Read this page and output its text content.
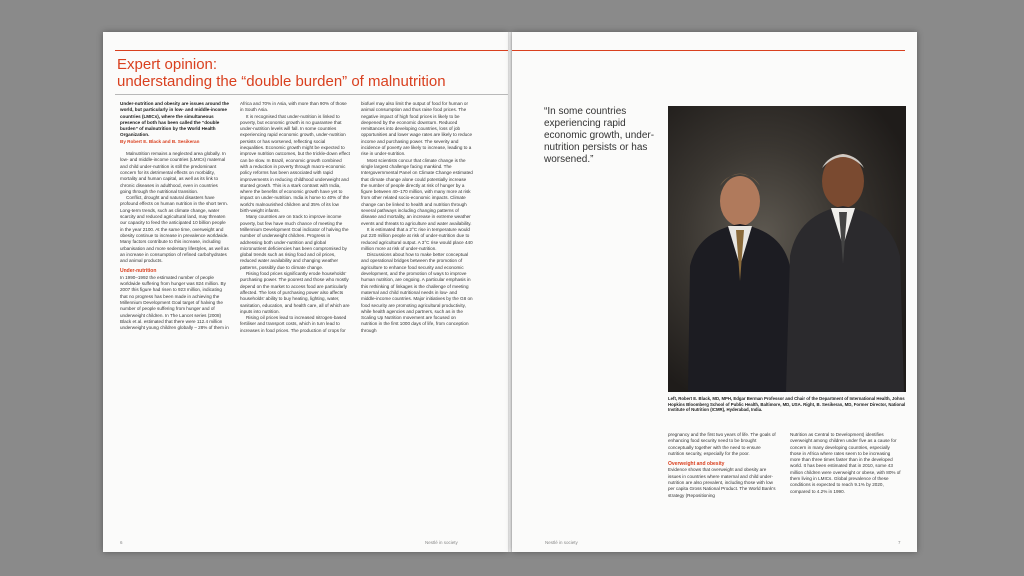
Expert opinion:
understanding the “double burden” of malnutrition

Under-nutrition and obesity are issues around the world, but particularly in low- and middle-income countries (LMICs), where the simultaneous presence of both has been called the “double burden” of malnutrition by the World Health Organization.

By Robert E. Black and B. Sesikeran

Malnutrition remains a neglected area globally. In low- and middle-income countries (LMICs) maternal and child under-nutrition is still the predominant concern for its detrimental effects on morbidity, mortality and human capital, as well as its link to chronic diseases in adulthood, even in countries going through the nutritional transition.

Conflict, drought and natural disasters have profound effects on human nutrition in the short term. Long-term trends, such as climate change, water scarcity and reduced agricultural land, may threaten our capacity to feed the anticipated 10 billion people in the year 2100. At the same time, overweight and obesity continue to increase in prevalence worldwide. Many factors contribute to this increase, including urbanisation and more sedentary lifestyles, as well as an increase in consumption of refined carbohydrates and animal products.

Under-nutrition

In 1990–1992 the estimated number of people worldwide suffering from hunger was 824 million. By 2007 this figure had risen to 923 million, indicating that no progress has been made in achieving the Millennium Development Goal target of halving the number of people suffering from hunger and of underweight children. In The Lancet series (2008) Black et al. estimated that there were 112.4 million underweight young children globally – 28% of them in

Africa and 70% in Asia, with more than 90% of those in South Asia.

It is recognised that under-nutrition is linked to poverty, but economic growth is no guarantee that under-nutrition levels will fall. In some countries experiencing rapid economic growth, under-nutrition persists or has worsened, reflecting social inequalities. Economic growth might be expected to improve nutrition outcomes, but the trickle-down effect can be slow. In Brazil, economic growth combined with a reduction in poverty through macro-economic policy reforms has been associated with rapid improvements in reducing childhood underweight and stunted growth. This is a stark contrast with India, where the benefits of economic growth have yet to impact on under-nutrition. India is home to 40% of the world’s malnourished children and 35% of its low birth-weight infants.

Many countries are on track to improve income poverty, but few have much chance of meeting the Millennium Development Goal indicator of halving the number of underweight children. Progress in addressing both under-nutrition and global micronutrient deficiencies has been compromised by global trends such as rising food and oil prices, reduced water availability and changing weather patterns, possibly due to climate change.

Rising food prices significantly erode households’ purchasing power. The poorest and those who mostly depend on the market to access food are particularly affected. The loss of purchasing power also affects households’ ability to buy heating, lighting, water, sanitation, education, and health care, all of which are inputs into nutrition.

Rising oil prices lead to increased nitrogen-based fertiliser and transport costs, which in turn lead to increases in food prices. The production of crops for

biofuel may also limit the output of food for human or animal consumption and thus raise food prices. The negative impact of high food prices is likely to be deepened by the economic downturn. Reduced remittances into developing countries, loss of job opportunities and lower wage rates are likely to reduce income and purchasing power. The severity and incidence of poverty are likely to increase, leading to a rise in under-nutrition.

Most scientists concur that climate change is the single largest challenge facing mankind. The Intergovernmental Panel on Climate Change estimated that climate change alone could potentially increase the number of people directly at risk of hunger by a figure between 40–170 million, with many more at risk from other related socio-economic impacts. Climate change can be linked to health and nutrition through several pathways including changing patterns of disease and mortality, an increase in extreme weather events and threats to agriculture and water availability.

It is estimated that a 2°C rise in temperature would put 220 million people at risk of under-nutrition due to reduced agricultural output. A 3°C rise would place 440 million more at risk of under-nutrition.

Discussions about how to make better conceptual and operational bridges between the promotion of agriculture to enhance food security and economic development, and the promotion of ways to improve human nutrition, are ongoing. A particular emphasis in this rethinking of linkages is the challenge of meeting maternal and child nutritional needs in low- and middle-income countries. Major initiatives by the G8 on food security are promoting agricultural productivity, while health agencies and partners, such as in the Scaling Up Nutrition movement are focused on nutrition in the first 1000 days of life, from conception through

“In some countries experiencing rapid economic growth, under-nutrition persists or has worsened.”
Left, Robert E. Black, MD, MPH, Edgar Berman Professor and Chair of the Department of International Health, Johns Hopkins Bloomberg School of Public Health, Baltimore, MD, USA. Right, B. Sesikeran, MD, Former Director, National Institute of Nutrition (ICMR), Hyderabad, India.

pregnancy and the first two years of life. The goals of enhancing food security need to be brought conceptually together with the need to ensure nutrition security, especially for the poor.

Overweight and obesity

Evidence shows that overweight and obesity are issues in countries where maternal and child under-nutrition are also prevalent, including those with low per capita Gross National Product. The World Bank’s strategy (Repositioning

Nutrition as Central to Development) identifies overweight among children under five as a cause for concern in many developing countries, especially those in Africa where rates seem to be increasing more than three times faster than in the developed world. It has been estimated that in 2010, some 43 million children were overweight or obese, with 80% of them living in LMICs. Global prevalence of these conditions is expected to reach 9.1% by 2020, compared to 4.2% in 1990.

6	Nestlé in society	Nestlé in society	7
